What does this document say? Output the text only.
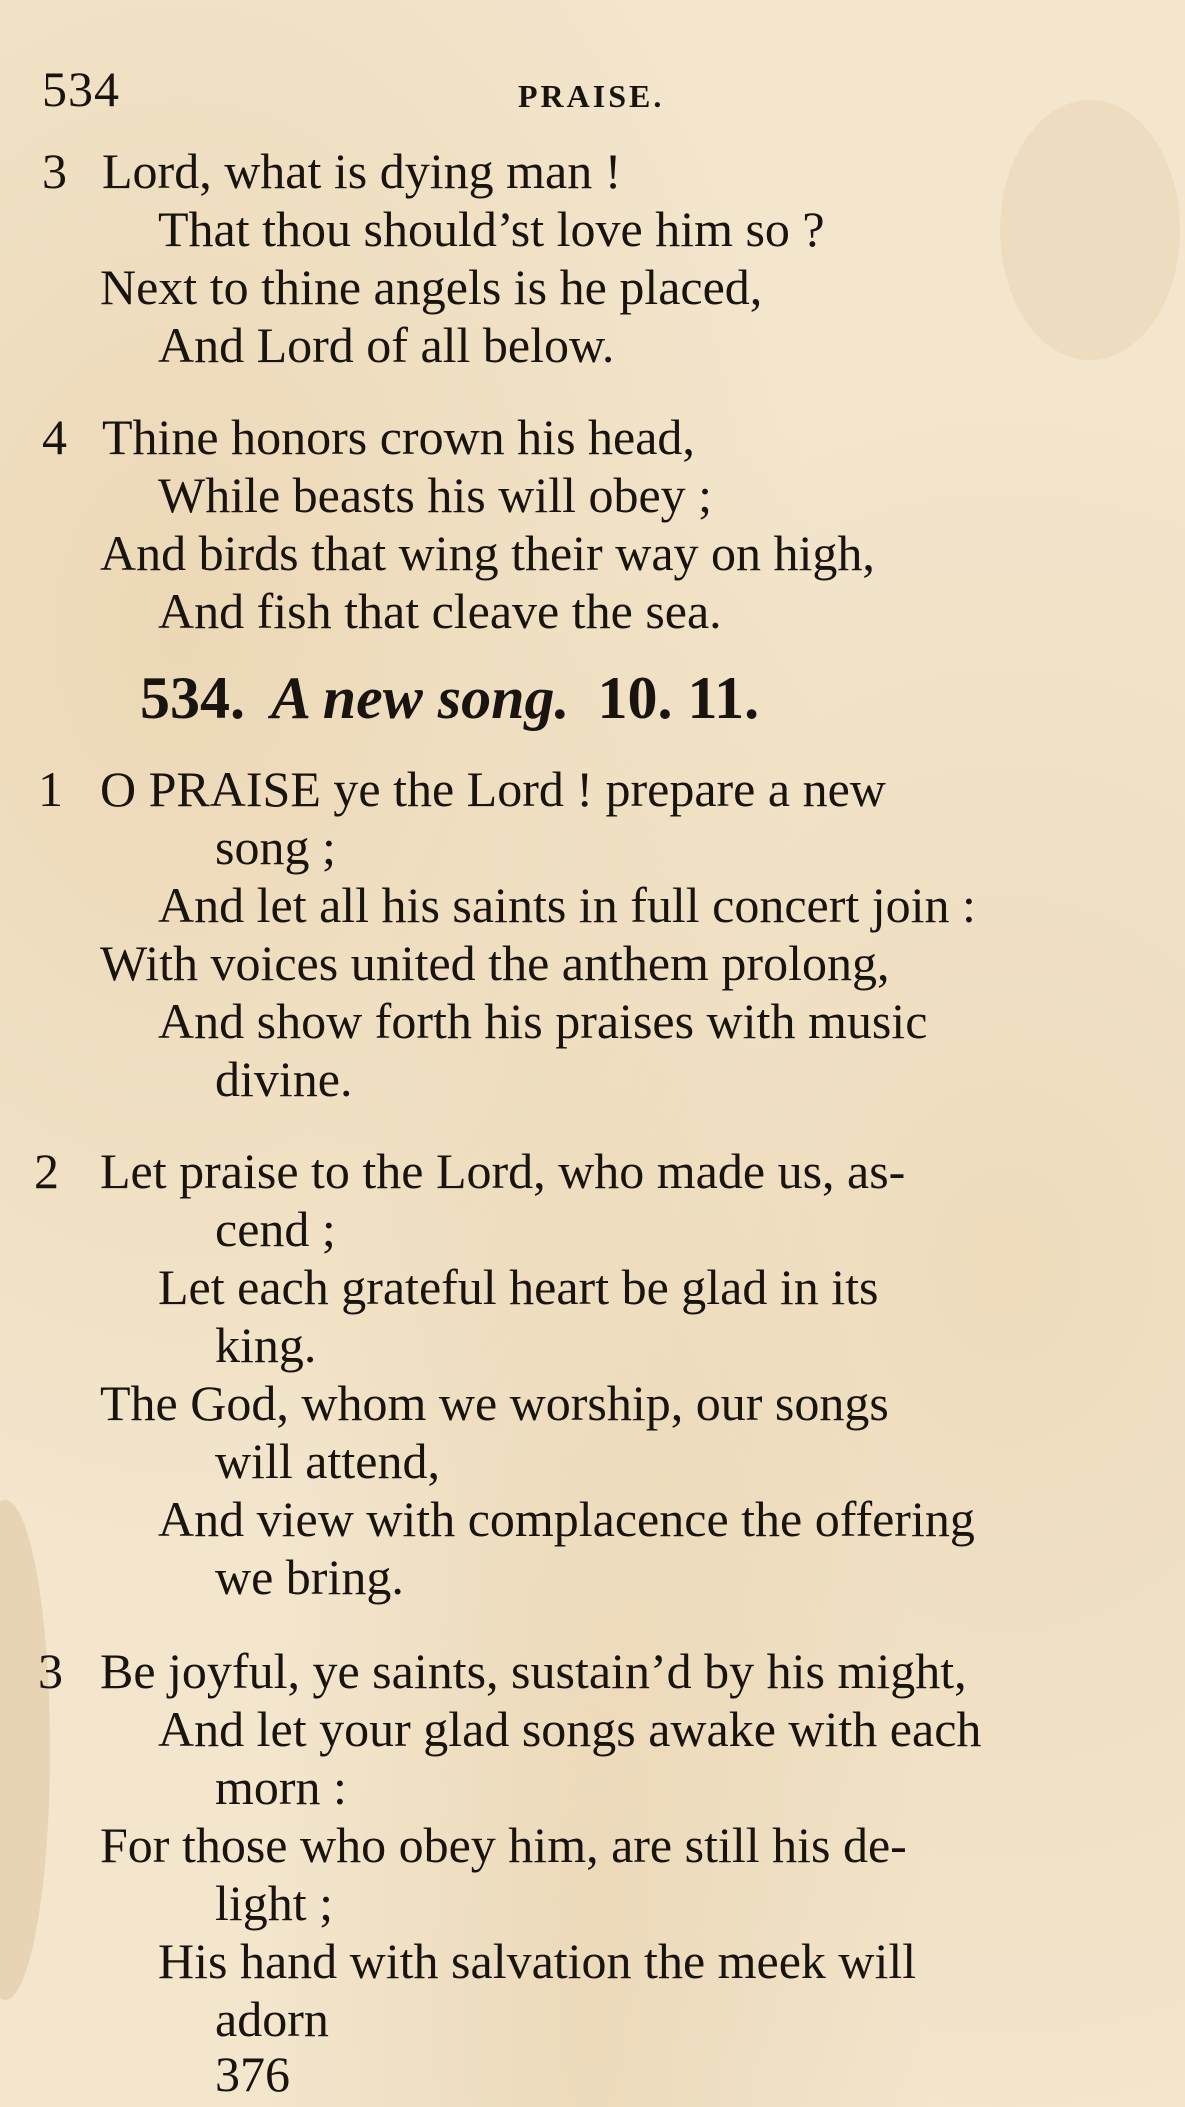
534	PRAISE.
3 Lord, what is dying man !
That thou should’st love him so ?
Next to thine angels is he placed,
And Lord of all below.
4 Thine honors crown his head,
While beasts his will obey ;
And birds that wing their way on high,
And fish that cleave the sea.
534. A new song. 10. 11.
1 O PRAISE ye the Lord ! prepare a new
song ;
And let all his saints in full concert join :
With voices united the anthem prolong,
And show forth his praises with music
divine.
2 Let praise to the Lord, who made us, as-
cend ;
Let each grateful heart be glad in its
king.
The God, whom we worship, our songs
will attend,
And view with complacence the offering
we bring.
3 Be joyful, ye saints, sustain’d by his might,
And let your glad songs awake with each
morn :
For those who obey him, are still his de-
light ;
His hand with salvation the meek will
adorn
376
